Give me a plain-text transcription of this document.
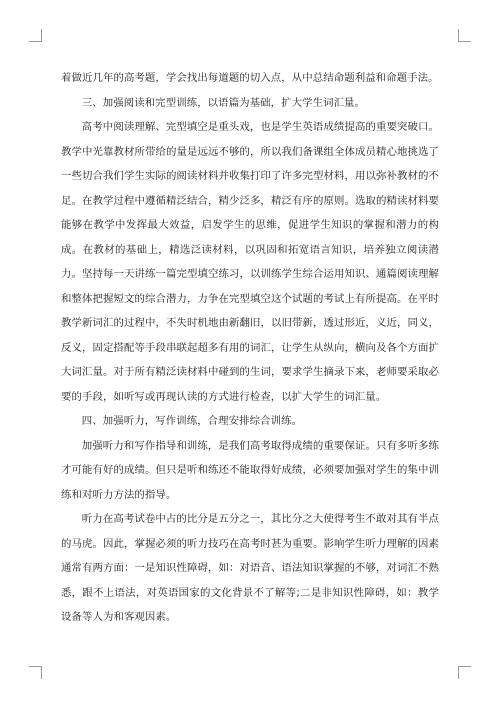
着做近几年的高考题，学会找出每道题的切入点，从中总结命题利益和命题手法。

三、加强阅读和完型训练，以语篇为基础，扩大学生词汇量。

高考中阅读理解、完型填空是重头戏，也是学生英语成绩提高的重要突破口。教学中光靠教材所带给的量是远远不够的，所以我们备课组全体成员精心地挑选了一些切合我们学生实际的阅读材料并收集打印了许多完型材料，用以弥补教材的不足。在教学过程中遵循精泛结合，精少泛多，精泛有序的原则。选取的精读材料要能够在教学中发挥最大效益，启发学生的思维，促进学生知识的掌握和潜力的构成。在教材的基础上，精选泛读材料，以巩固和拓宽语言知识，培养独立阅读潜力。坚持每一天讲练一篇完型填空练习，以训练学生综合运用知识、通篇阅读理解和整体把握短文的综合潜力，力争在完型填空这个试题的考试上有所提高。在平时教学新词汇的过程中，不失时机地由新翻旧，以旧带新，透过形近，义近，同义，反义，固定搭配等手段串联起超多有用的词汇，让学生从纵向，横向及各个方面扩大词汇量。对于所有精泛读材料中碰到的生词，要求学生摘录下来，老师要采取必要的手段，如听写或再现认读的方式进行检查，以扩大学生的词汇量。

四、加强听力，写作训练，合理安排综合训练。

加强听力和写作指导和训练，是我们高考取得成绩的重要保证。只有多听多练才可能有好的成绩。但只是听和练还不能取得好成绩，必须要加强对学生的集中训练和对听力方法的指导。

听力在高考试卷中占的比分是五分之一，其比分之大使得考生不敢对其有半点的马虎。因此，掌握必须的听力技巧在高考时甚为重要。影响学生听力理解的因素通常有两方面：一是知识性障碍，如：对语音、语法知识掌握的不够，对词汇不熟悉，跟不上语法，对英语国家的文化背景不了解等;二是非知识性障碍，如：教学设备等人为和客观因素。
